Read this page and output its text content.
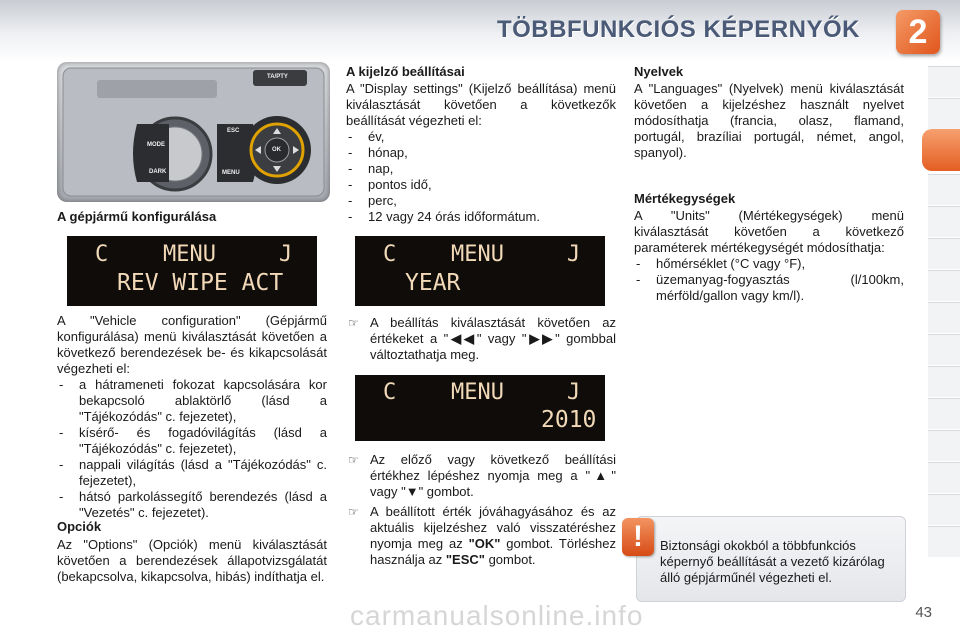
TÖBBFUNKCIÓS KÉPERNYŐK	2
TA/PTY
MODE
DARK
ESC
MENU
OK
A gépjármű konfigurálása
C MENU	J
REV WIPE ACT

A "Vehicle configuration" (Gépjármű konfigurálása) menü kiválasztását követően a következő berendezések be- és kikapcsolását végezheti el:

- a hátrameneti fokozat kapcsolására kor bekapcsoló ablaktörlő (lásd a "Tájékozódás" c. fejezetet),
- kísérő- és fogadóvilágítás (lásd a "Tájékozódás" c. fejezetet),
- nappali világítás (lásd a "Tájékozódás" c. fejezetet),
- hátsó parkolássegítő berendezés (lásd a "Vezetés" c. fejezetet).
Opciók
Az "Options" (Opciók) menü kiválasztását követően a berendezések állapotvizsgálatát (bekapcsolva, kikapcsolva, hibás) indíthatja el.
A kijelző beállításai

A "Display settings" (Kijelző beállítása) menü kiválasztását követően a következők beállítását végezheti el:

- év,
- hónap,
- nap,
- pontos idő,
- perc,
- 12 vagy 24 órás időformátum.
C MENU	J
YEAR
☞ A beállítás kiválasztását követően az értékeket a "◀◀" vagy "▶▶" gombbal változtathatja meg.
C MENU	J
2010
☞ Az előző vagy következő beállítási értékhez lépéshez nyomja meg a "▲" vagy "▼" gombot.
☞ A beállított érték jóváhagyásához és az aktuális kijelzéshez való visszatéréshez nyomja meg az "OK" gombot. Törléshez használja az "ESC" gombot.
Nyelvek
A "Languages" (Nyelvek) menü kiválasztását követően a kijelzéshez használt nyelvet módosíthatja (francia, olasz, flamand, portugál, brazíliai portugál, német, angol, spanyol).
Mértékegységek

A "Units" (Mértékegységek) menü kiválasztását követően a következő paraméterek mértékegységét módosíthatja:

- hőmérséklet (°C vagy °F),
- üzemanyag-fogyasztás (l/100km, mérföld/gallon vagy km/l).
!	Biztonsági okokból a többfunkciós képernyő beállítását a vezető kizárólag álló gépjárműnél végezheti el.
carmanualsonline.info	43
